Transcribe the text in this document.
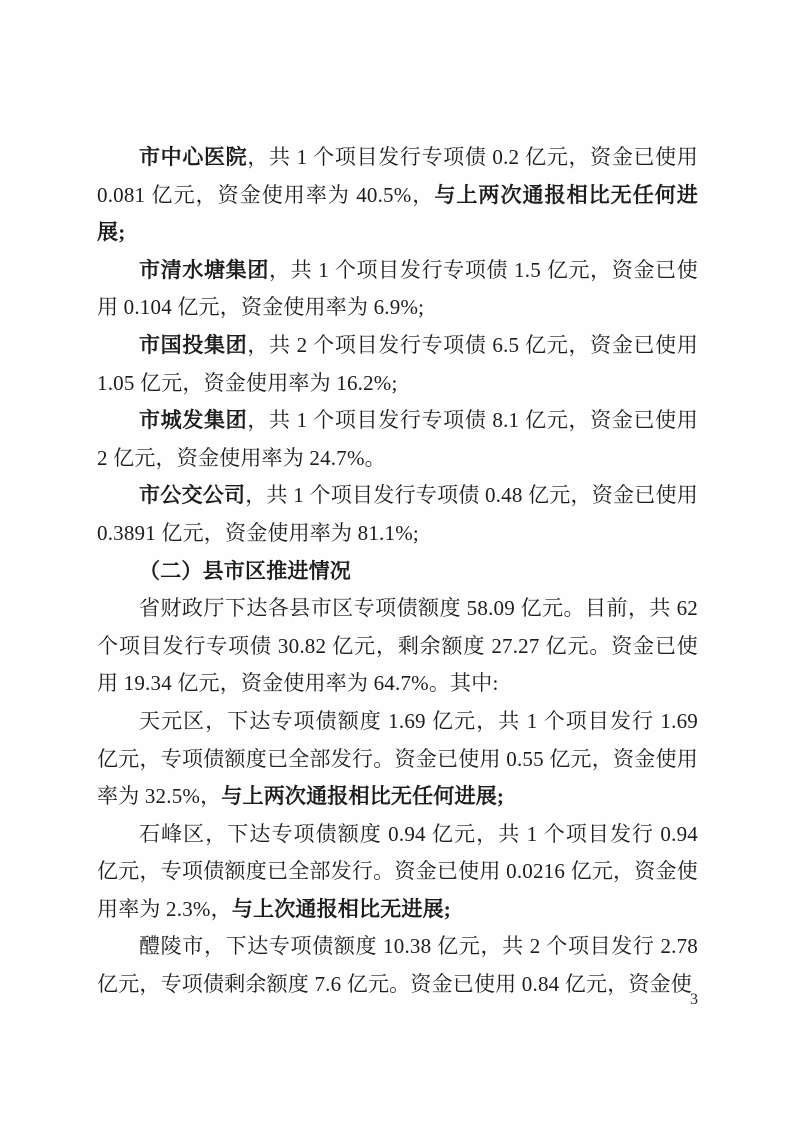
市中心医院，共 1 个项目发行专项债 0.2 亿元，资金已使用 0.081 亿元，资金使用率为 40.5%，与上两次通报相比无任何进展;

市清水塘集团，共 1 个项目发行专项债 1.5 亿元，资金已使用 0.104 亿元，资金使用率为 6.9%;

市国投集团，共 2 个项目发行专项债 6.5 亿元，资金已使用 1.05 亿元，资金使用率为 16.2%;

市城发集团，共 1 个项目发行专项债 8.1 亿元，资金已使用 2 亿元，资金使用率为 24.7%。

市公交公司，共 1 个项目发行专项债 0.48 亿元，资金已使用 0.3891 亿元，资金使用率为 81.1%;

（二）县市区推进情况

省财政厅下达各县市区专项债额度 58.09 亿元。目前，共 62 个项目发行专项债 30.82 亿元，剩余额度 27.27 亿元。资金已使用 19.34 亿元，资金使用率为 64.7%。其中:

天元区，下达专项债额度 1.69 亿元，共 1 个项目发行 1.69 亿元，专项债额度已全部发行。资金已使用 0.55 亿元，资金使用率为 32.5%，与上两次通报相比无任何进展;

石峰区，下达专项债额度 0.94 亿元，共 1 个项目发行 0.94 亿元，专项债额度已全部发行。资金已使用 0.0216 亿元，资金使用率为 2.3%，与上次通报相比无进展;

醴陵市，下达专项债额度 10.38 亿元，共 2 个项目发行 2.78 亿元，专项债剩余额度 7.6 亿元。资金已使用 0.84 亿元，资金使

3
